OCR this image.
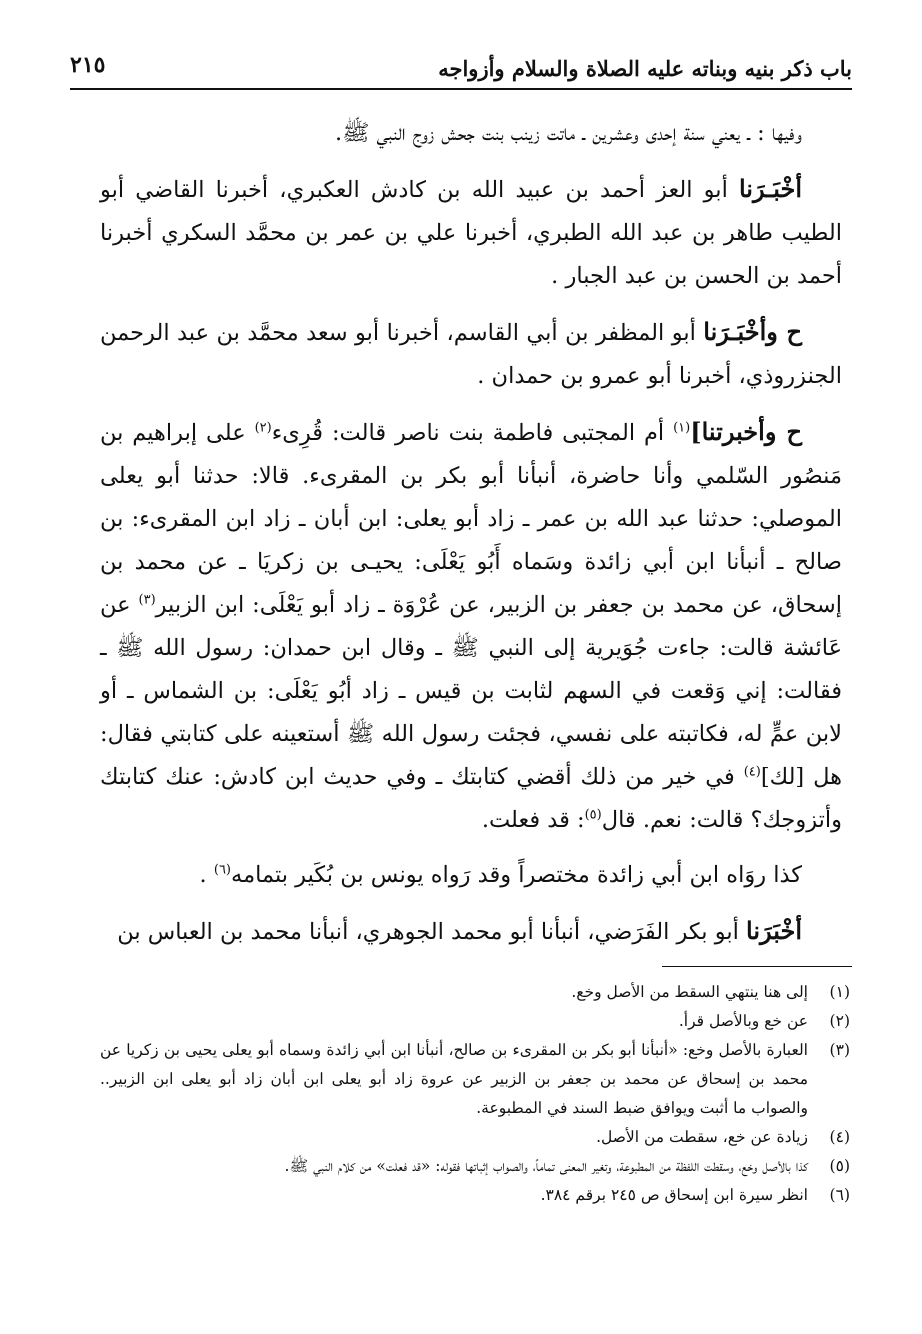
باب ذكر بنيه وبناته عليه الصلاة والسلام وأزواجه
٢١٥

وفيها : ـ يعني سنة إحدى وعشرين ـ ماتت زينب بنت جحش زوج النبي ﷺ.

أخْبَـرَنا أبو العز أحمد بن عبيد الله بن كادش العكبري، أخبرنا القاضي أبو الطيب طاهر بن عبد الله الطبري، أخبرنا علي بن عمر بن محمَّد السكري أخبرنا أحمد بن الحسن بن عبد الجبار .

ح وأخْبَـرَنا أبو المظفر بن أبي القاسم، أخبرنا أبو سعد محمَّد بن عبد الرحمن الجنزروذي، أخبرنا أبو عمرو بن حمدان .

ح وأخبرتنا]$^{(١)}$ أم المجتبى فاطمة بنت ناصر قالت: قُرِىء$^{(٢)}$ على إبراهيم بن مَنصُور السّلمي وأنا حاضرة، أنبأنا أبو بكر بن المقرىء. قالا: حدثنا أبو يعلى الموصلي: حدثنا عبد الله بن عمر ـ زاد أبو يعلى: ابن أبان ـ زاد ابن المقرىء: بن صالح ـ أنبأنا ابن أبي زائدة وسَماه أَبُو يَعْلَى: يحيـى بن زكريَا ـ عن محمد بن إسحاق، عن محمد بن جعفر بن الزبير، عن عُرْوَة ـ زاد أبو يَعْلَى: ابن الزبير$^{(٣)}$ عن عَائشة قالت: جاءت جُوَيرية إلى النبي ﷺ ـ وقال ابن حمدان: رسول الله ﷺ ـ فقالت: إني وَقعت في السهم لثابت بن قيس ـ زاد أبُو يَعْلَى: بن الشماس ـ أو لابن عمٍّ له، فكاتبته على نفسي، فجئت رسول الله ﷺ أستعينه على كتابتي فقال: هل [لك]$^{(٤)}$ في خير من ذلك أقضي كتابتك ـ وفي حديث ابن كادش: عنك كتابتك وأتزوجك؟ قالت: نعم. قال$^{(٥)}$: قد فعلت.

كذا روَاه ابن أبي زائدة مختصراً وقد رَواه يونس بن بُكَير بتمامه$^{(٦)}$ .

أخْبَرَنا أبو بكر الفَرَضي، أنبأنا أبو محمد الجوهري، أنبأنا محمد بن العباس بن

(١)
إلى هنا ينتهي السقط من الأصل وخع.
(٢)
عن خع وبالأصل قرأ.
(٣)
العبارة بالأصل وخع: «أنبأنا أبو بكر بن المقرىء بن صالح، أنبأنا ابن أبي زائدة وسماه أبو يعلى يحيى بن زكريا عن محمد بن إسحاق عن محمد بن جعفر بن الزبير عن عروة زاد أبو يعلى ابن أبان زاد أبو يعلى ابن الزبير.. والصواب ما أثبت ويوافق ضبط السند في المطبوعة.
(٤)
زيادة عن خع، سقطت من الأصل.
(٥)
كذا بالأصل وخع، وسقطت اللفظة من المطبوعة، وتغير المعنى تماماً، والصواب إثباتها فقوله: «قد فعلت» من كلام النبي ﷺ.
(٦)
انظر سيرة ابن إسحاق ص ٢٤٥ برقم ٣٨٤.
